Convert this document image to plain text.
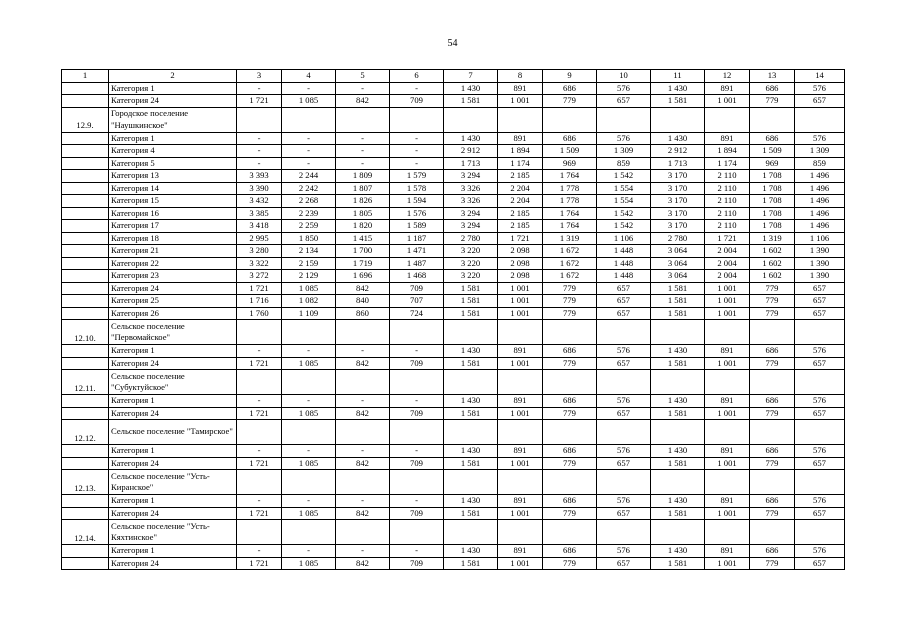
54
1	2	3	4	5	6	7	8	9	10	11	12	13	14
	Категория 1	-	-	-	-	1 430	891	686	576	1 430	891	686	576
	Категория 24	1 721	1 085	842	709	1 581	1 001	779	657	1 581	1 001	779	657
12.9.	Городское поселение "Наушкинское"												
	Категория 1	-	-	-	-	1 430	891	686	576	1 430	891	686	576
	Категория 4	-	-	-	-	2 912	1 894	1 509	1 309	2 912	1 894	1 509	1 309
	Категория 5	-	-	-	-	1 713	1 174	969	859	1 713	1 174	969	859
	Категория 13	3 393	2 244	1 809	1 579	3 294	2 185	1 764	1 542	3 170	2 110	1 708	1 496
	Категория 14	3 390	2 242	1 807	1 578	3 326	2 204	1 778	1 554	3 170	2 110	1 708	1 496
	Категория 15	3 432	2 268	1 826	1 594	3 326	2 204	1 778	1 554	3 170	2 110	1 708	1 496
	Категория 16	3 385	2 239	1 805	1 576	3 294	2 185	1 764	1 542	3 170	2 110	1 708	1 496
	Категория 17	3 418	2 259	1 820	1 589	3 294	2 185	1 764	1 542	3 170	2 110	1 708	1 496
	Категория 18	2 995	1 850	1 415	1 187	2 780	1 721	1 319	1 106	2 780	1 721	1 319	1 106
	Категория 21	3 280	2 134	1 700	1 471	3 220	2 098	1 672	1 448	3 064	2 004	1 602	1 390
	Категория 22	3 322	2 159	1 719	1 487	3 220	2 098	1 672	1 448	3 064	2 004	1 602	1 390
	Категория 23	3 272	2 129	1 696	1 468	3 220	2 098	1 672	1 448	3 064	2 004	1 602	1 390
	Категория 24	1 721	1 085	842	709	1 581	1 001	779	657	1 581	1 001	779	657
	Категория 25	1 716	1 082	840	707	1 581	1 001	779	657	1 581	1 001	779	657
	Категория 26	1 760	1 109	860	724	1 581	1 001	779	657	1 581	1 001	779	657
12.10.	Сельское поселение "Первомайское"												
	Категория 1	-	-	-	-	1 430	891	686	576	1 430	891	686	576
	Категория 24	1 721	1 085	842	709	1 581	1 001	779	657	1 581	1 001	779	657
12.11.	Сельское поселение "Субуктуйское"												
	Категория 1	-	-	-	-	1 430	891	686	576	1 430	891	686	576
	Категория 24	1 721	1 085	842	709	1 581	1 001	779	657	1 581	1 001	779	657
12.12.	Сельское поселение "Тамирское"												
	Категория 1	-	-	-	-	1 430	891	686	576	1 430	891	686	576
	Категория 24	1 721	1 085	842	709	1 581	1 001	779	657	1 581	1 001	779	657
12.13.	Сельское поселение "Усть-Киранское"												
	Категория 1	-	-	-	-	1 430	891	686	576	1 430	891	686	576
	Категория 24	1 721	1 085	842	709	1 581	1 001	779	657	1 581	1 001	779	657
12.14.	Сельское поселение "Усть-Кяхтинское"												
	Категория 1	-	-	-	-	1 430	891	686	576	1 430	891	686	576
	Категория 24	1 721	1 085	842	709	1 581	1 001	779	657	1 581	1 001	779	657
